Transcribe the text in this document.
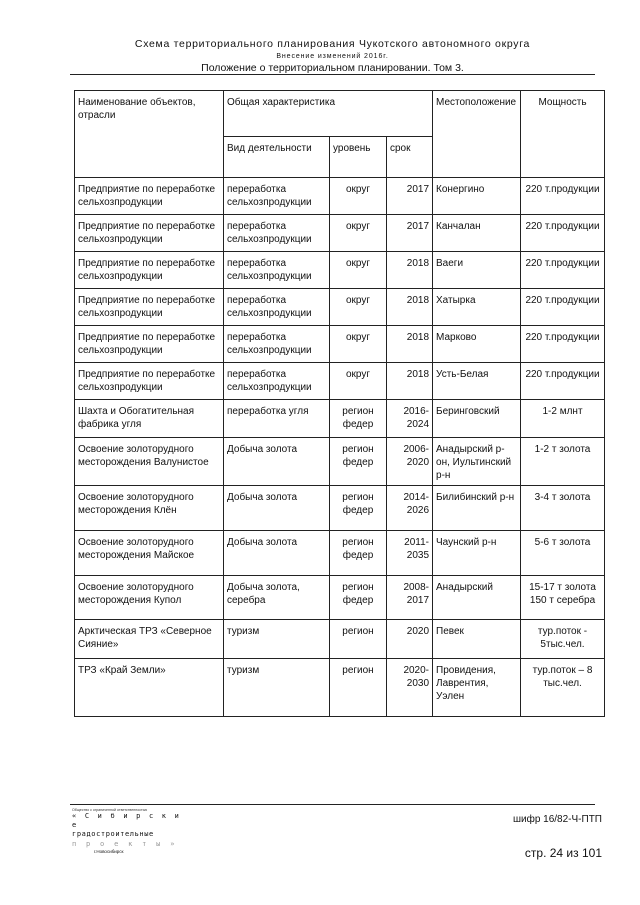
Схема территориального планирования Чукотского автономного округа
Внесение изменений 2016г.
Положение о территориальном планировании. Том 3.
Наименование объектов, отрасли	Общая характеристика			Местоположение	Мощность
	Вид деятельности	уровень	срок		
Предприятие по переработке сельхозпродукции	переработка сельхозпродукции	округ	2017	Конергино	220 т.продукции
Предприятие по переработке сельхозпродукции	переработка сельхозпродукции	округ	2017	Канчалан	220 т.продукции
Предприятие по переработке сельхозпродукции	переработка сельхозпродукции	округ	2018	Ваеги	220 т.продукции
Предприятие по переработке сельхозпродукции	переработка сельхозпродукции	округ	2018	Хатырка	220 т.продукции
Предприятие по переработке сельхозпродукции	переработка сельхозпродукции	округ	2018	Марково	220 т.продукции
Предприятие по переработке сельхозпродукции	переработка сельхозпродукции	округ	2018	Усть-Белая	220 т.продукции
Шахта и Обогатительная фабрика угля	переработка угля	регион федер	2016-2024	Беринговский	1-2 млнт
Освоение золоторудного месторождения Валунистое	Добыча золота	регион федер	2006-2020	Анадырский р-он, Иультинский р-н	1-2 т золота
Освоение золоторудного месторождения Клён	Добыча золота	регион федер	2014-2026	Билибинский р-н	3-4 т золота
Освоение золоторудного месторождения Майское	Добыча золота	регион федер	2011-2035	Чаунский р-н	5-6 т золота
Освоение золоторудного месторождения Купол	Добыча золота, серебра	регион федер	2008-2017	Анадырский	15-17 т золота 150 т серебра
Арктическая ТРЗ «Северное Сияние»	туризм	регион	2020	Певек	тур.поток - 5тыс.чел.
ТРЗ «Край Земли»	туризм	регион	2020-2030	Провидения, Лаврентия, Уэлен	тур.поток – 8 тыс.чел.
Общество с ограниченной ответственностью
« С и б и р с к и е
градостроительные
п р о е к т ы »
г.Новосибирск
шифр 16/82-Ч-ПТП
стр. 24 из 101
